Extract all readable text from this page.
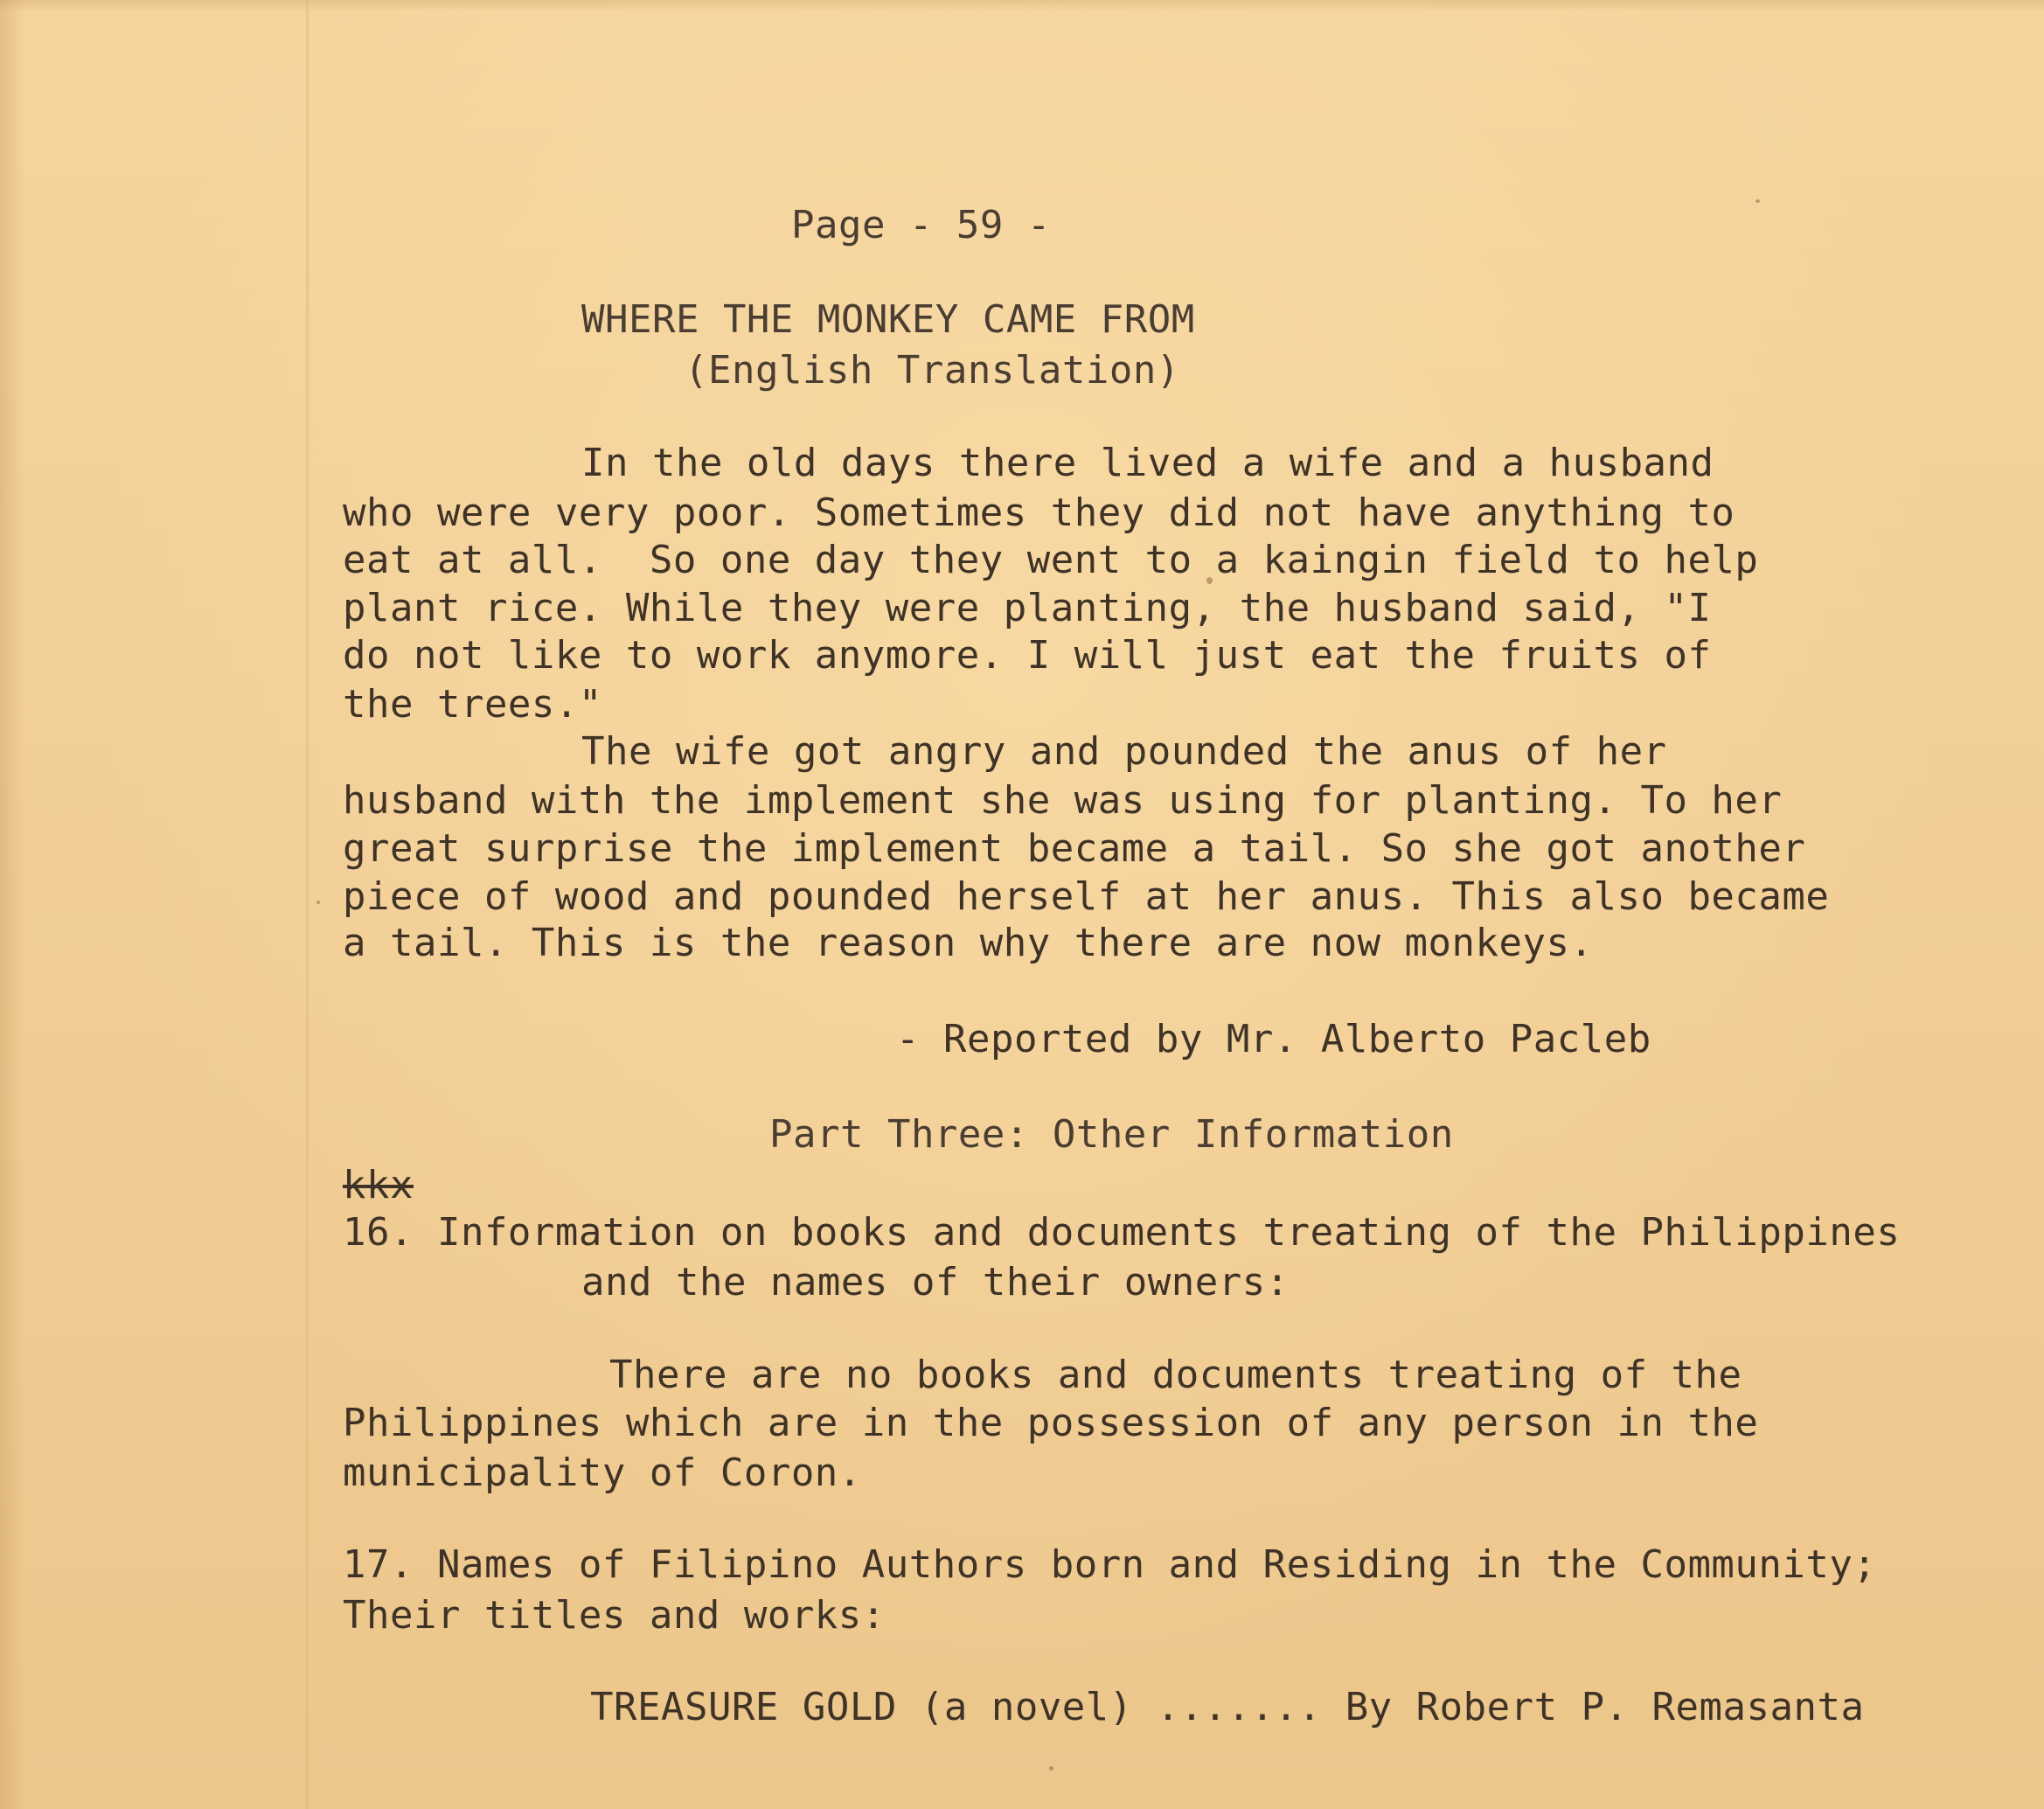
Page - 59 -

WHERE THE MONKEY CAME FROM

(English Translation)

In the old days there lived a wife and a husband

who were very poor. Sometimes they did not have anything to

eat at all.  So one day they went to a kaingin field to help

plant rice. While they were planting, the husband said, "I

do not like to work anymore. I will just eat the fruits of

the trees."

The wife got angry and pounded the anus of her

husband with the implement she was using for planting. To her

great surprise the implement became a tail. So she got another

piece of wood and pounded herself at her anus. This also became

a tail. This is the reason why there are now monkeys.

- Reported by Mr. Alberto Pacleb

Part Three: Other Information

kkx

16. Information on books and documents treating of the Philippines

and the names of their owners:

There are no books and documents treating of the

Philippines which are in the possession of any person in the

municipality of Coron.

17. Names of Filipino Authors born and Residing in the Community;

Their titles and works:

TREASURE GOLD (a novel) ....... By Robert P. Remasanta
